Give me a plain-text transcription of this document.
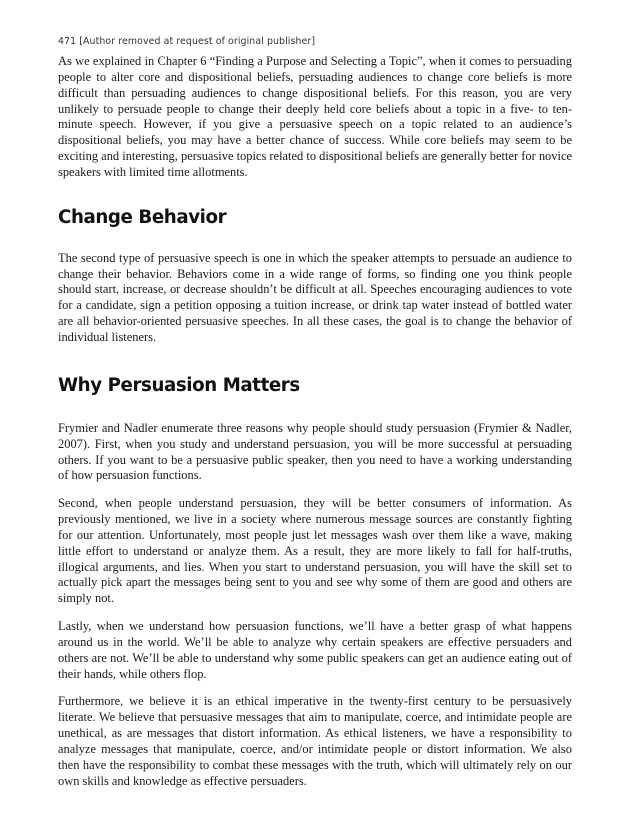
471 [Author removed at request of original publisher]

As we explained in Chapter 6 “Finding a Purpose and Selecting a Topic”, when it comes to persuading people to alter core and dispositional beliefs, persuading audiences to change core beliefs is more difficult than persuading audiences to change dispositional beliefs. For this reason, you are very unlikely to persuade people to change their deeply held core beliefs about a topic in a five- to ten-minute speech. However, if you give a persuasive speech on a topic related to an audience’s dispositional beliefs, you may have a better chance of success. While core beliefs may seem to be exciting and interesting, persuasive topics related to dispositional beliefs are generally better for novice speakers with limited time allotments.

Change Behavior

The second type of persuasive speech is one in which the speaker attempts to persuade an audience to change their behavior. Behaviors come in a wide range of forms, so finding one you think people should start, increase, or decrease shouldn’t be difficult at all. Speeches encouraging audiences to vote for a candidate, sign a petition opposing a tuition increase, or drink tap water instead of bottled water are all behavior-oriented persuasive speeches. In all these cases, the goal is to change the behavior of individual listeners.

Why Persuasion Matters

Frymier and Nadler enumerate three reasons why people should study persuasion (Frymier & Nadler, 2007). First, when you study and understand persuasion, you will be more successful at persuading others. If you want to be a persuasive public speaker, then you need to have a working understanding of how persuasion functions.

Second, when people understand persuasion, they will be better consumers of information. As previously mentioned, we live in a society where numerous message sources are constantly fighting for our attention. Unfortunately, most people just let messages wash over them like a wave, making little effort to understand or analyze them. As a result, they are more likely to fall for half-truths, illogical arguments, and lies. When you start to understand persuasion, you will have the skill set to actually pick apart the messages being sent to you and see why some of them are good and others are simply not.

Lastly, when we understand how persuasion functions, we’ll have a better grasp of what happens around us in the world. We’ll be able to analyze why certain speakers are effective persuaders and others are not. We’ll be able to understand why some public speakers can get an audience eating out of their hands, while others flop.

Furthermore, we believe it is an ethical imperative in the twenty-first century to be persuasively literate. We believe that persuasive messages that aim to manipulate, coerce, and intimidate people are unethical, as are messages that distort information. As ethical listeners, we have a responsibility to analyze messages that manipulate, coerce, and/or intimidate people or distort information. We also then have the responsibility to combat these messages with the truth, which will ultimately rely on our own skills and knowledge as effective persuaders.
